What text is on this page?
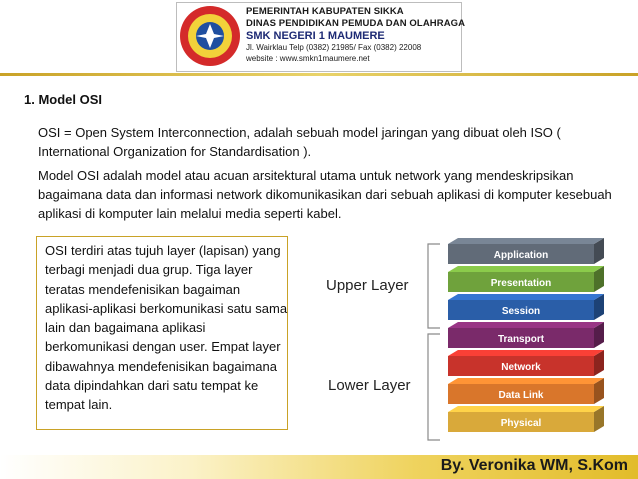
PEMERINTAH KABUPATEN SIKKA
DINAS PENDIDIKAN PEMUDA DAN OLAHRAGA
SMK NEGERI 1 MAUMERE
Jl. Wairklau Telp (0382) 21985/ Fax (0382) 22008
website : www.smkn1maumere.net
1. Model OSI
OSI = Open System Interconnection, adalah sebuah model jaringan yang dibuat oleh ISO ( International Organization for Standardisation ).
Model OSI adalah model atau acuan arsitektural utama untuk network yang mendeskripsikan bagaimana data dan informasi network dikomunikasikan dari sebuah aplikasi di komputer kesebuah aplikasi di komputer lain melalui media seperti kabel.
OSI terdiri atas tujuh layer (lapisan) yang terbagi menjadi dua grup. Tiga layer teratas mendefenisikan bagaiman aplikasi-aplikasi berkomunikasi satu sama lain dan bagaimana aplikasi berkomunikasi dengan user. Empat layer dibawahnya mendefenisikan bagaimana data dipindahkan dari satu tempat ke tempat lain.
Upper Layer
Lower Layer
Application
Presentation
Session
Transport
Network
Data Link
Physical
By. Veronika WM, S.Kom
